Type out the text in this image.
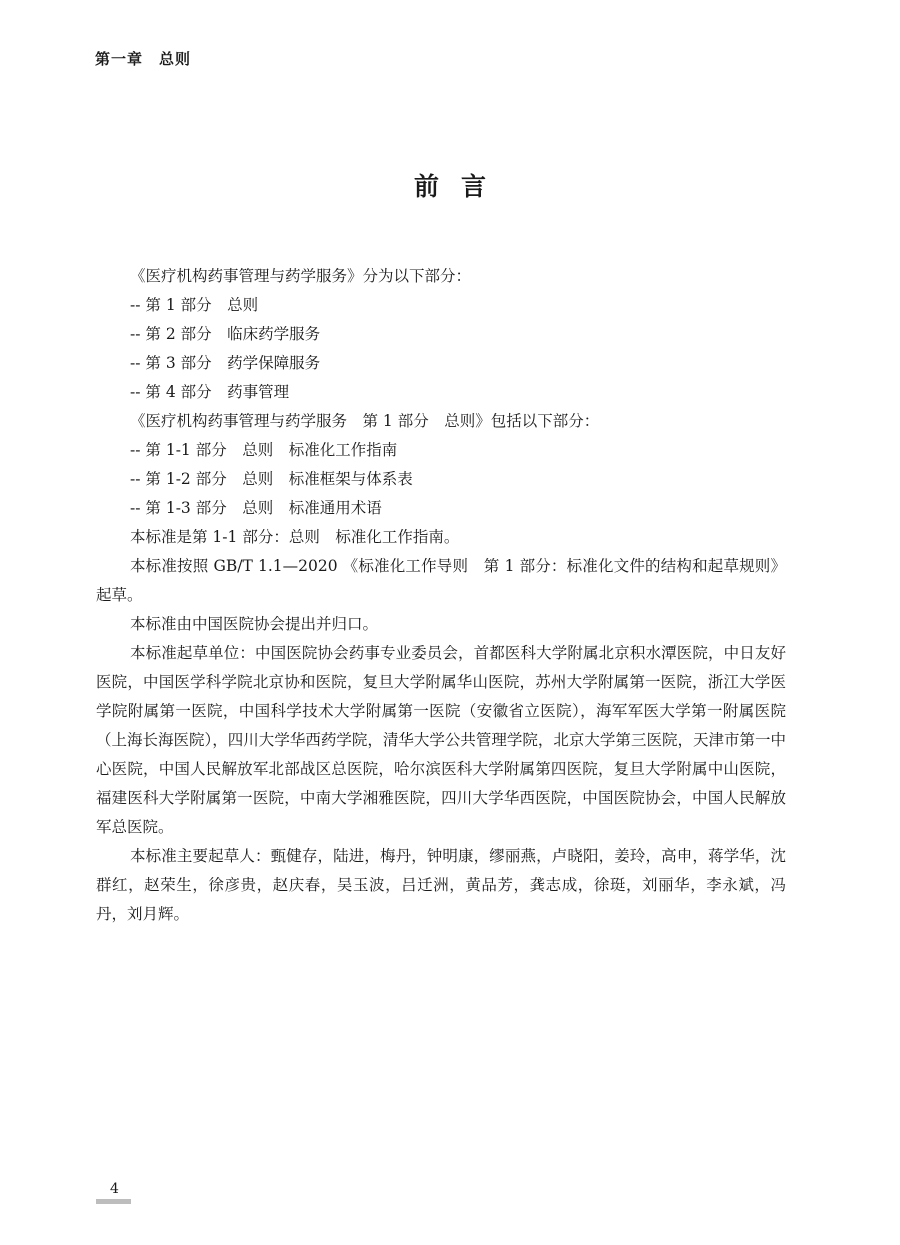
第一章　总则
前言
《医疗机构药事管理与药学服务》分为以下部分：
-- 第 1 部分　总则
-- 第 2 部分　临床药学服务
-- 第 3 部分　药学保障服务
-- 第 4 部分　药事管理
《医疗机构药事管理与药学服务　第 1 部分　总则》包括以下部分：
-- 第 1-1 部分　总则　标准化工作指南
-- 第 1-2 部分　总则　标准框架与体系表
-- 第 1-3 部分　总则　标准通用术语

本标准是第 1-1 部分：总则　标准化工作指南。

本标准按照 GB/T 1.1—2020 《标准化工作导则　第 1 部分：标准化文件的结构和起草规则》起草。

本标准由中国医院协会提出并归口。

本标准起草单位：中国医院协会药事专业委员会，首都医科大学附属北京积水潭医院，中日友好医院，中国医学科学院北京协和医院，复旦大学附属华山医院，苏州大学附属第一医院，浙江大学医学院附属第一医院，中国科学技术大学附属第一医院（安徽省立医院），海军军医大学第一附属医院（上海长海医院），四川大学华西药学院，清华大学公共管理学院，北京大学第三医院，天津市第一中心医院，中国人民解放军北部战区总医院，哈尔滨医科大学附属第四医院，复旦大学附属中山医院，福建医科大学附属第一医院，中南大学湘雅医院，四川大学华西医院，中国医院协会，中国人民解放军总医院。

本标准主要起草人：甄健存，陆进，梅丹，钟明康，缪丽燕，卢晓阳，姜玲，高申，蒋学华，沈群红，赵荣生，徐彦贵，赵庆春，吴玉波，吕迁洲，黄品芳，龚志成，徐珽，刘丽华，李永斌，冯丹，刘月辉。

4
